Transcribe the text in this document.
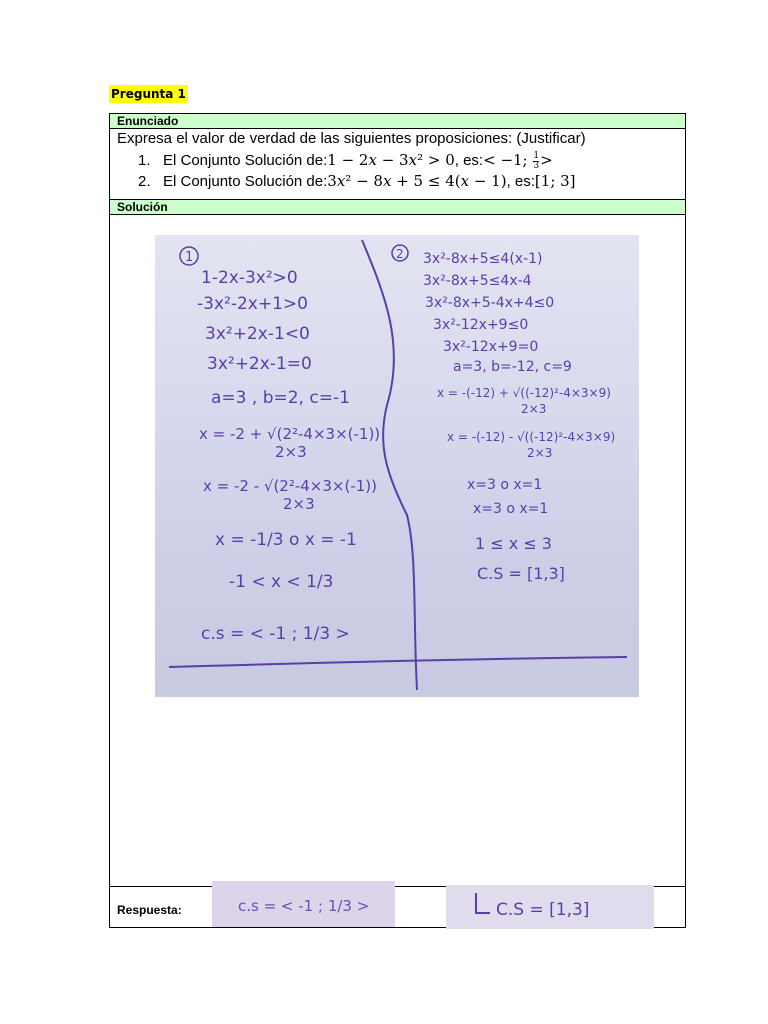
Pregunta 1
Enunciado
Expresa el valor de verdad de las siguientes proposiciones: (Justificar)
1. El Conjunto Solución de: 1 − 2x − 3x² > 0 , es: < −1; $\frac{1}{3}$ >
2. El Conjunto Solución de: 3x² − 8x + 5 ≤ 4(x − 1) , es: [1; 3]
Solución
1	2
1-2x-3x²>0
-3x²-2x+1>0
3x²+2x-1<0
3x²+2x-1=0
a=3 , b=2, c=-1
x = -2 + √(2²-4×3×(-1))
2×3
x = -2 - √(2²-4×3×(-1))
2×3
x = -1/3 o x = -1
-1 < x < 1/3
c.s = < -1 ; 1/3 >
3x²-8x+5≤4(x-1)
3x²-8x+5≤4x-4
3x²-8x+5-4x+4≤0
3x²-12x+9≤0
3x²-12x+9=0
a=3, b=-12, c=9
x = -(-12) + √((-12)²-4×3×9)
2×3
x = -(-12) - √((-12)²-4×3×9)
2×3
x=3 o x=1
x=3 o x=1
1 ≤ x ≤ 3
C.S = [1,3]
Respuesta:	c.s = < -1 ; 1/3 >	C.S = [1,3]
